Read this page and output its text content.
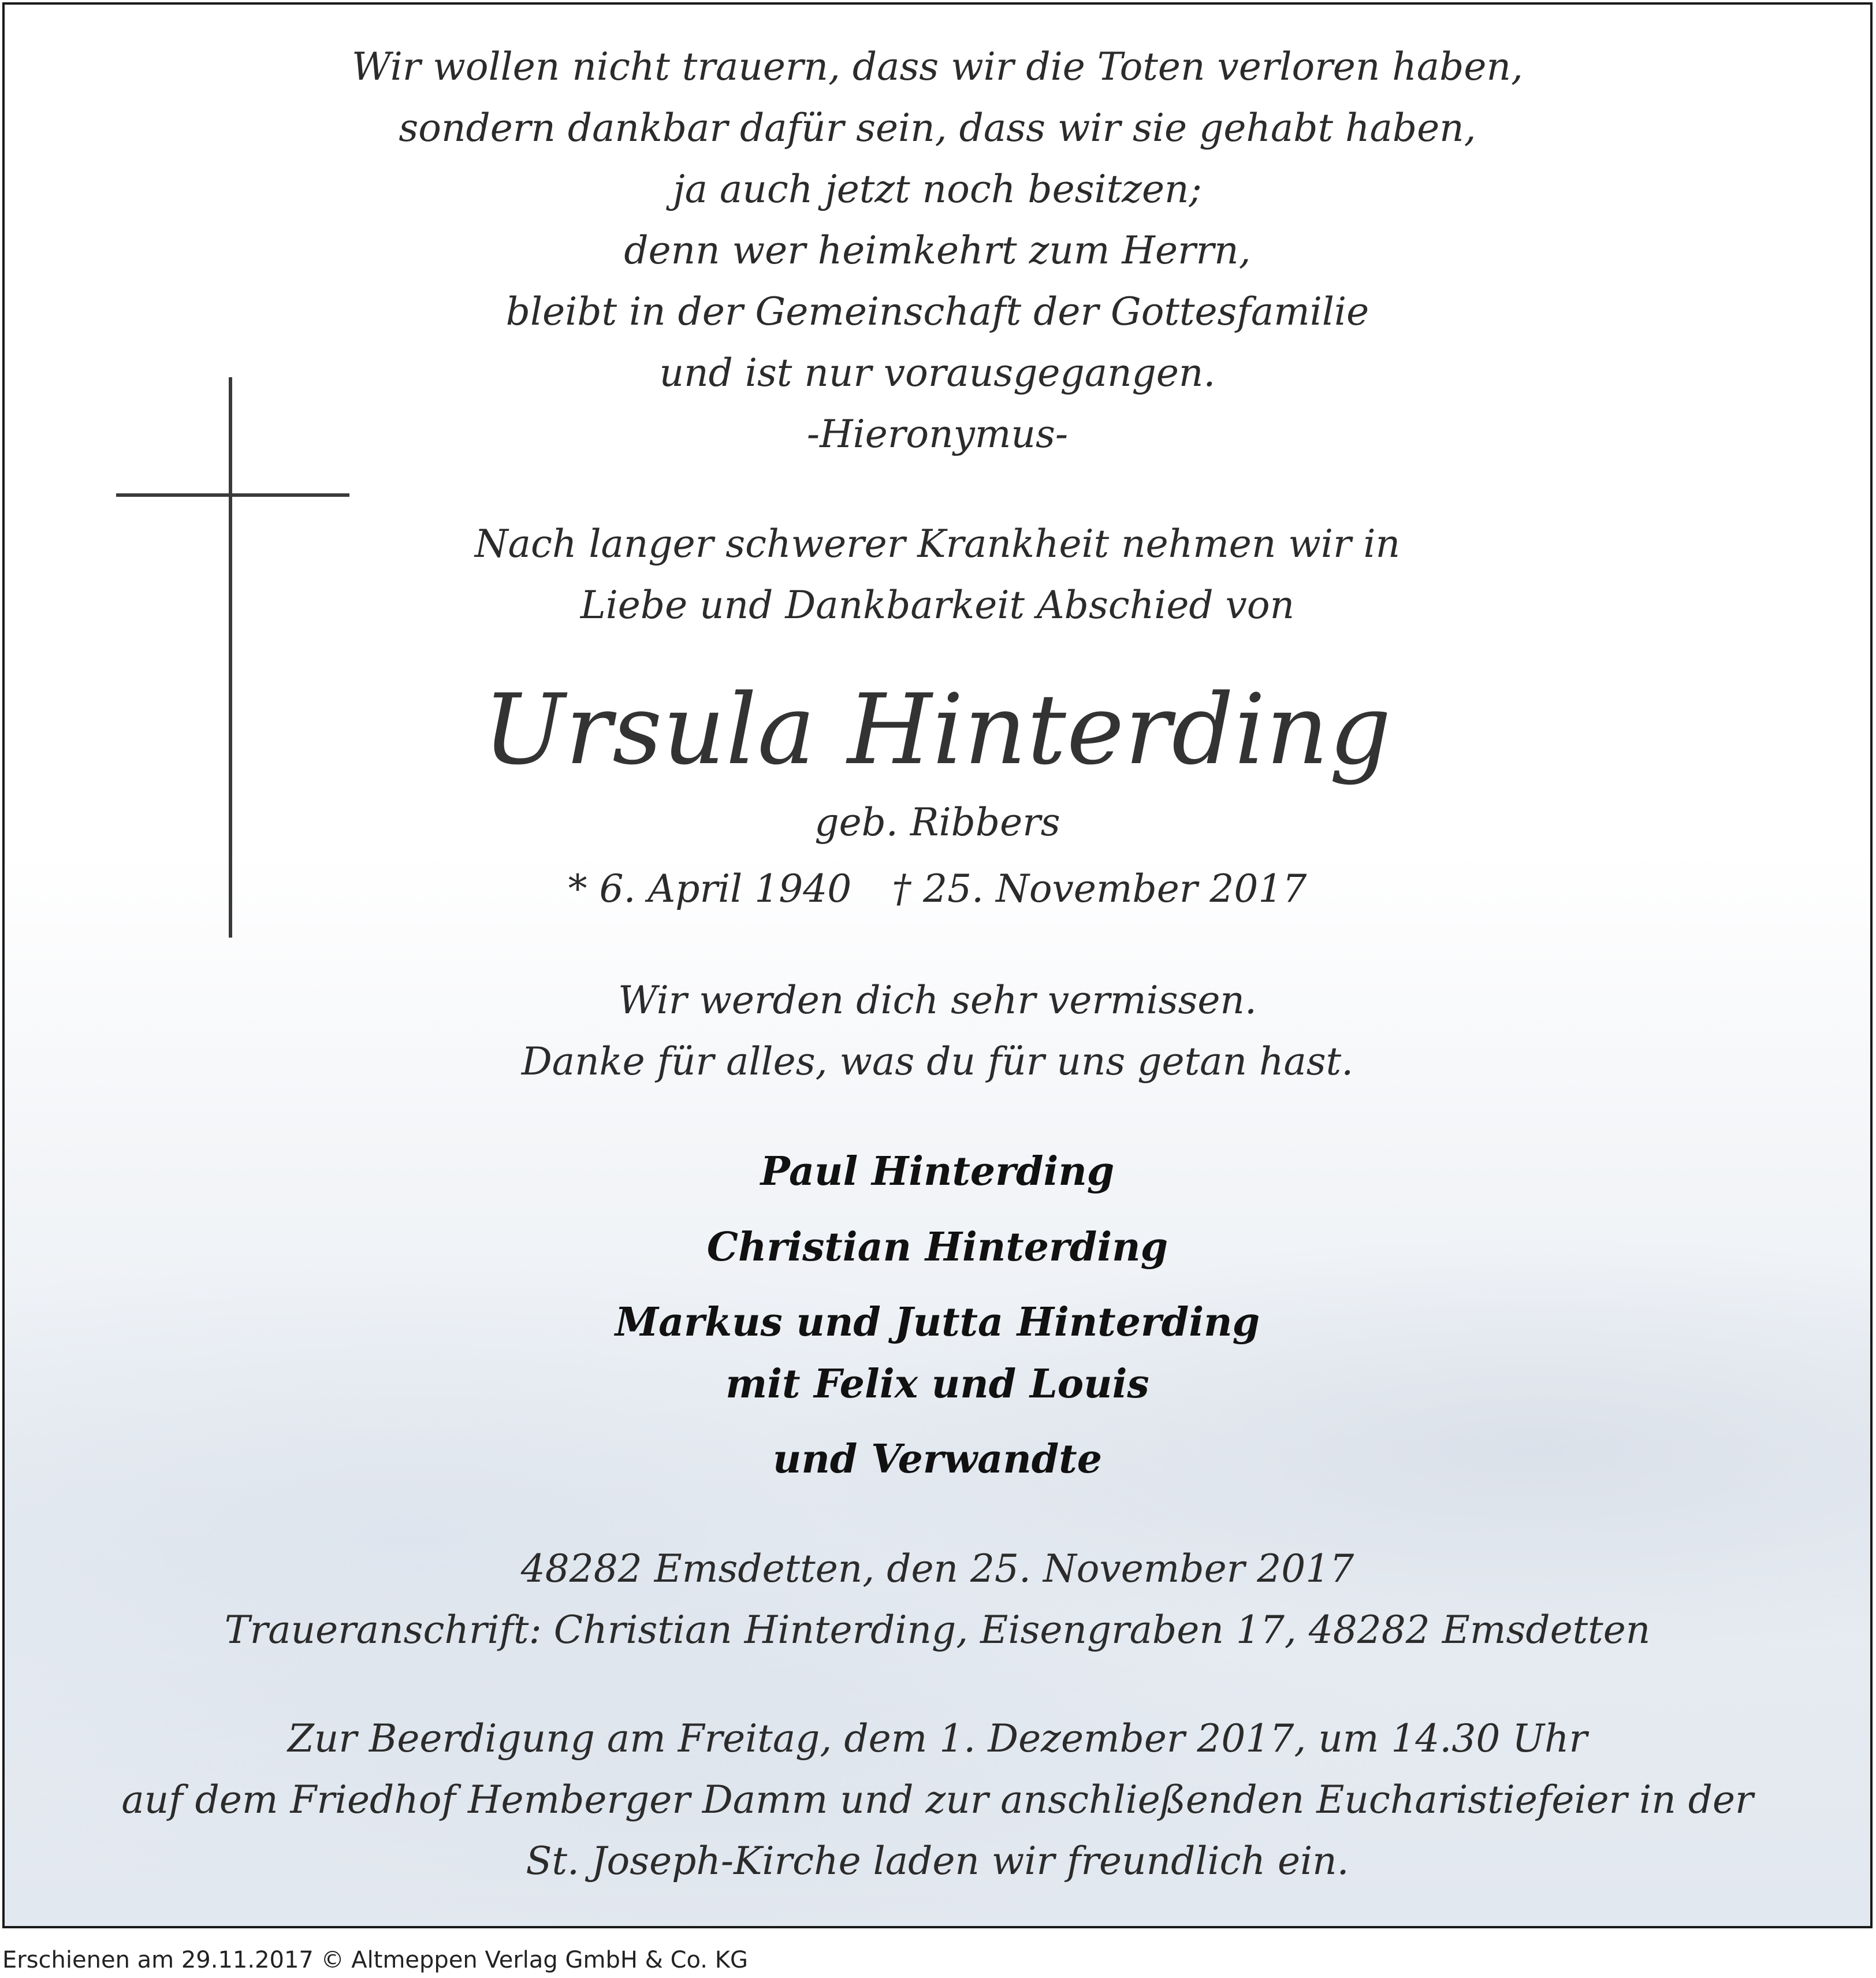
Wir wollen nicht trauern, dass wir die Toten verloren haben,
sondern dankbar dafür sein, dass wir sie gehabt haben,
ja auch jetzt noch besitzen;
denn wer heimkehrt zum Herrn,
bleibt in der Gemeinschaft der Gottesfamilie
und ist nur vorausgegangen.
-Hieronymus-
Nach langer schwerer Krankheit nehmen wir in
Liebe und Dankbarkeit Abschied von
Ursula Hinterding
geb. Ribbers
* 6. April 1940 † 25. November 2017
Wir werden dich sehr vermissen.
Danke für alles, was du für uns getan hast.
Paul Hinterding
Christian Hinterding
Markus und Jutta Hinterding
mit Felix und Louis
und Verwandte
48282 Emsdetten, den 25. November 2017
Traueranschrift: Christian Hinterding, Eisengraben 17, 48282 Emsdetten
Zur Beerdigung am Freitag, dem 1. Dezember 2017, um 14.30 Uhr
auf dem Friedhof Hemberger Damm und zur anschließenden Eucharistiefeier in der
St. Joseph-Kirche laden wir freundlich ein.
Erschienen am 29.11.2017 © Altmeppen Verlag GmbH & Co. KG
